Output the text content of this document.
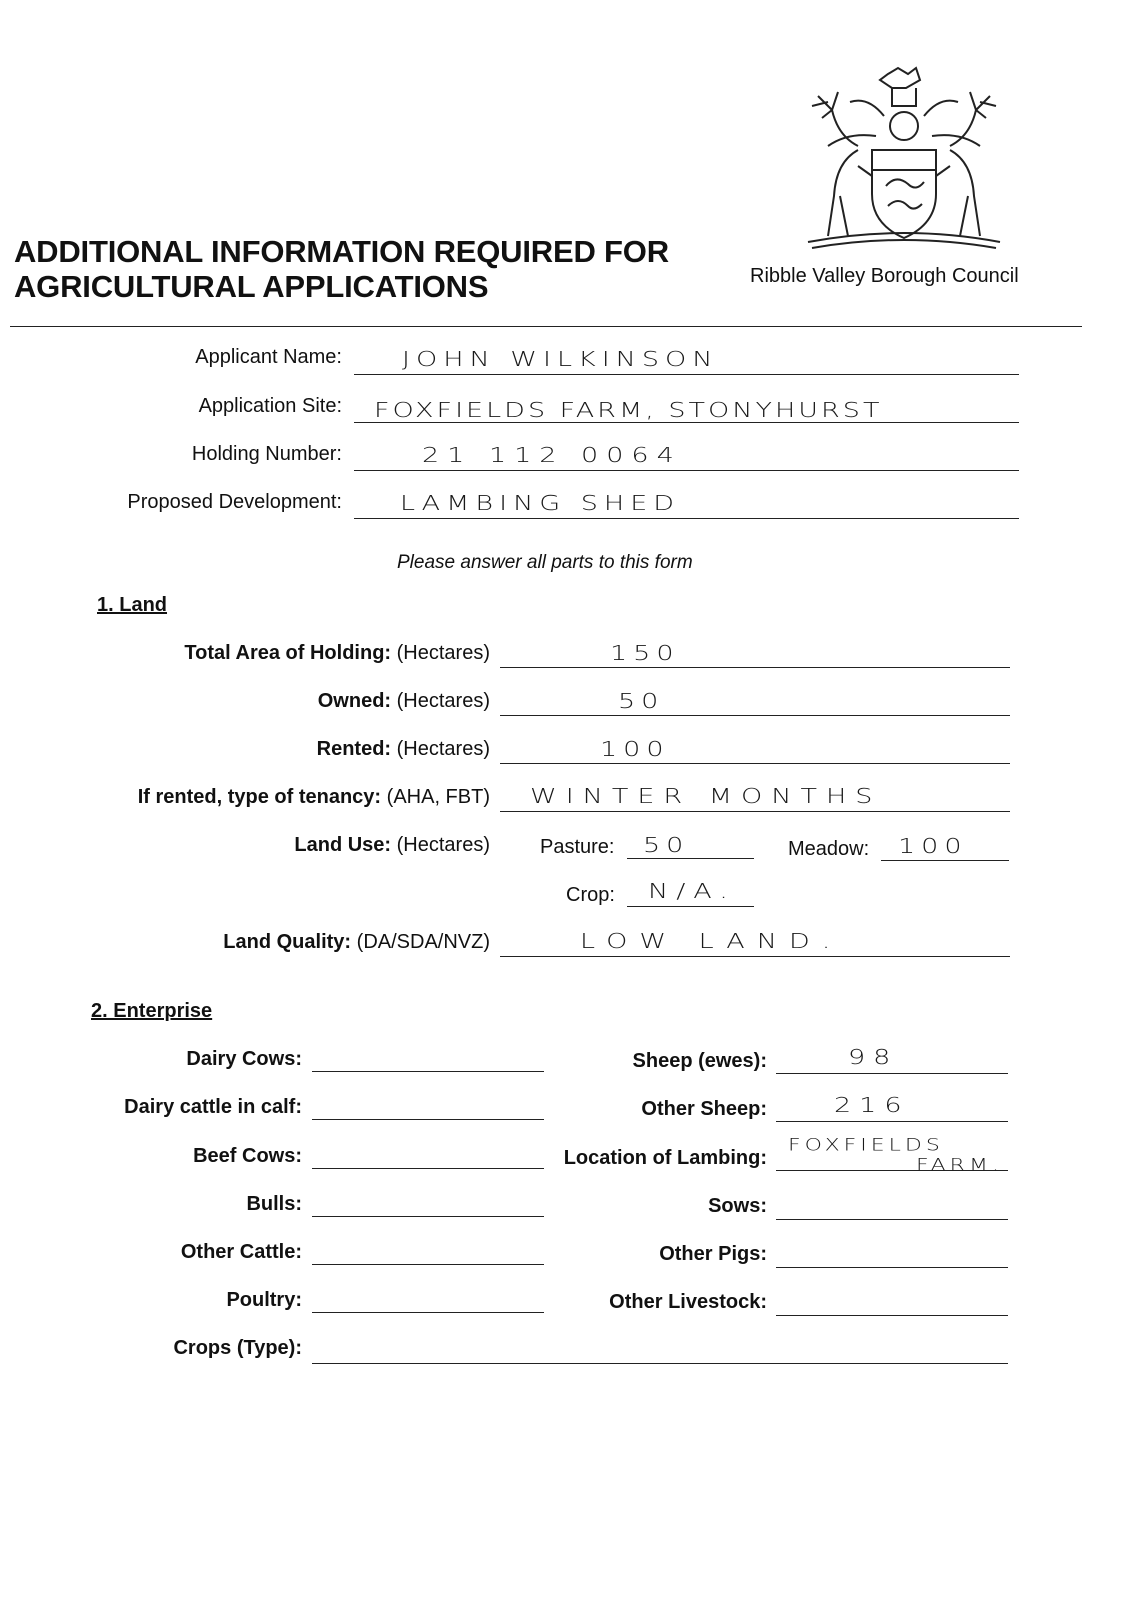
ADDITIONAL INFORMATION REQUIRED FOR
AGRICULTURAL APPLICATIONS	Ribble Valley Borough Council
Applicant Name: JOHN WILKINSON
Application Site: FOXFIELDS FARM, STONYHURST
Holding Number:	21 112 0064
Proposed Development: LAMBING SHED
Please answer all parts to this form
1. Land
Total Area of Holding: (Hectares)	150
Owned: (Hectares)	50
Rented: (Hectares)	100
If rented, type of tenancy: (AHA, FBT) WINTER MONTHS
Land Use: (Hectares)	Pasture: 50	Meadow: 100
Crop: N/A.
Land Quality: (DA/SDA/NVZ)	LOW LAND.
2. Enterprise
Dairy Cows:
Dairy cattle in calf:
Beef Cows:
Bulls:
Other Cattle:
Poultry:
Crops (Type):
Sheep (ewes):	98
Other Sheep: 216
Location of Lambing:
FOXFIELDS
FARM.
Sows:
Other Pigs:
Other Livestock:
